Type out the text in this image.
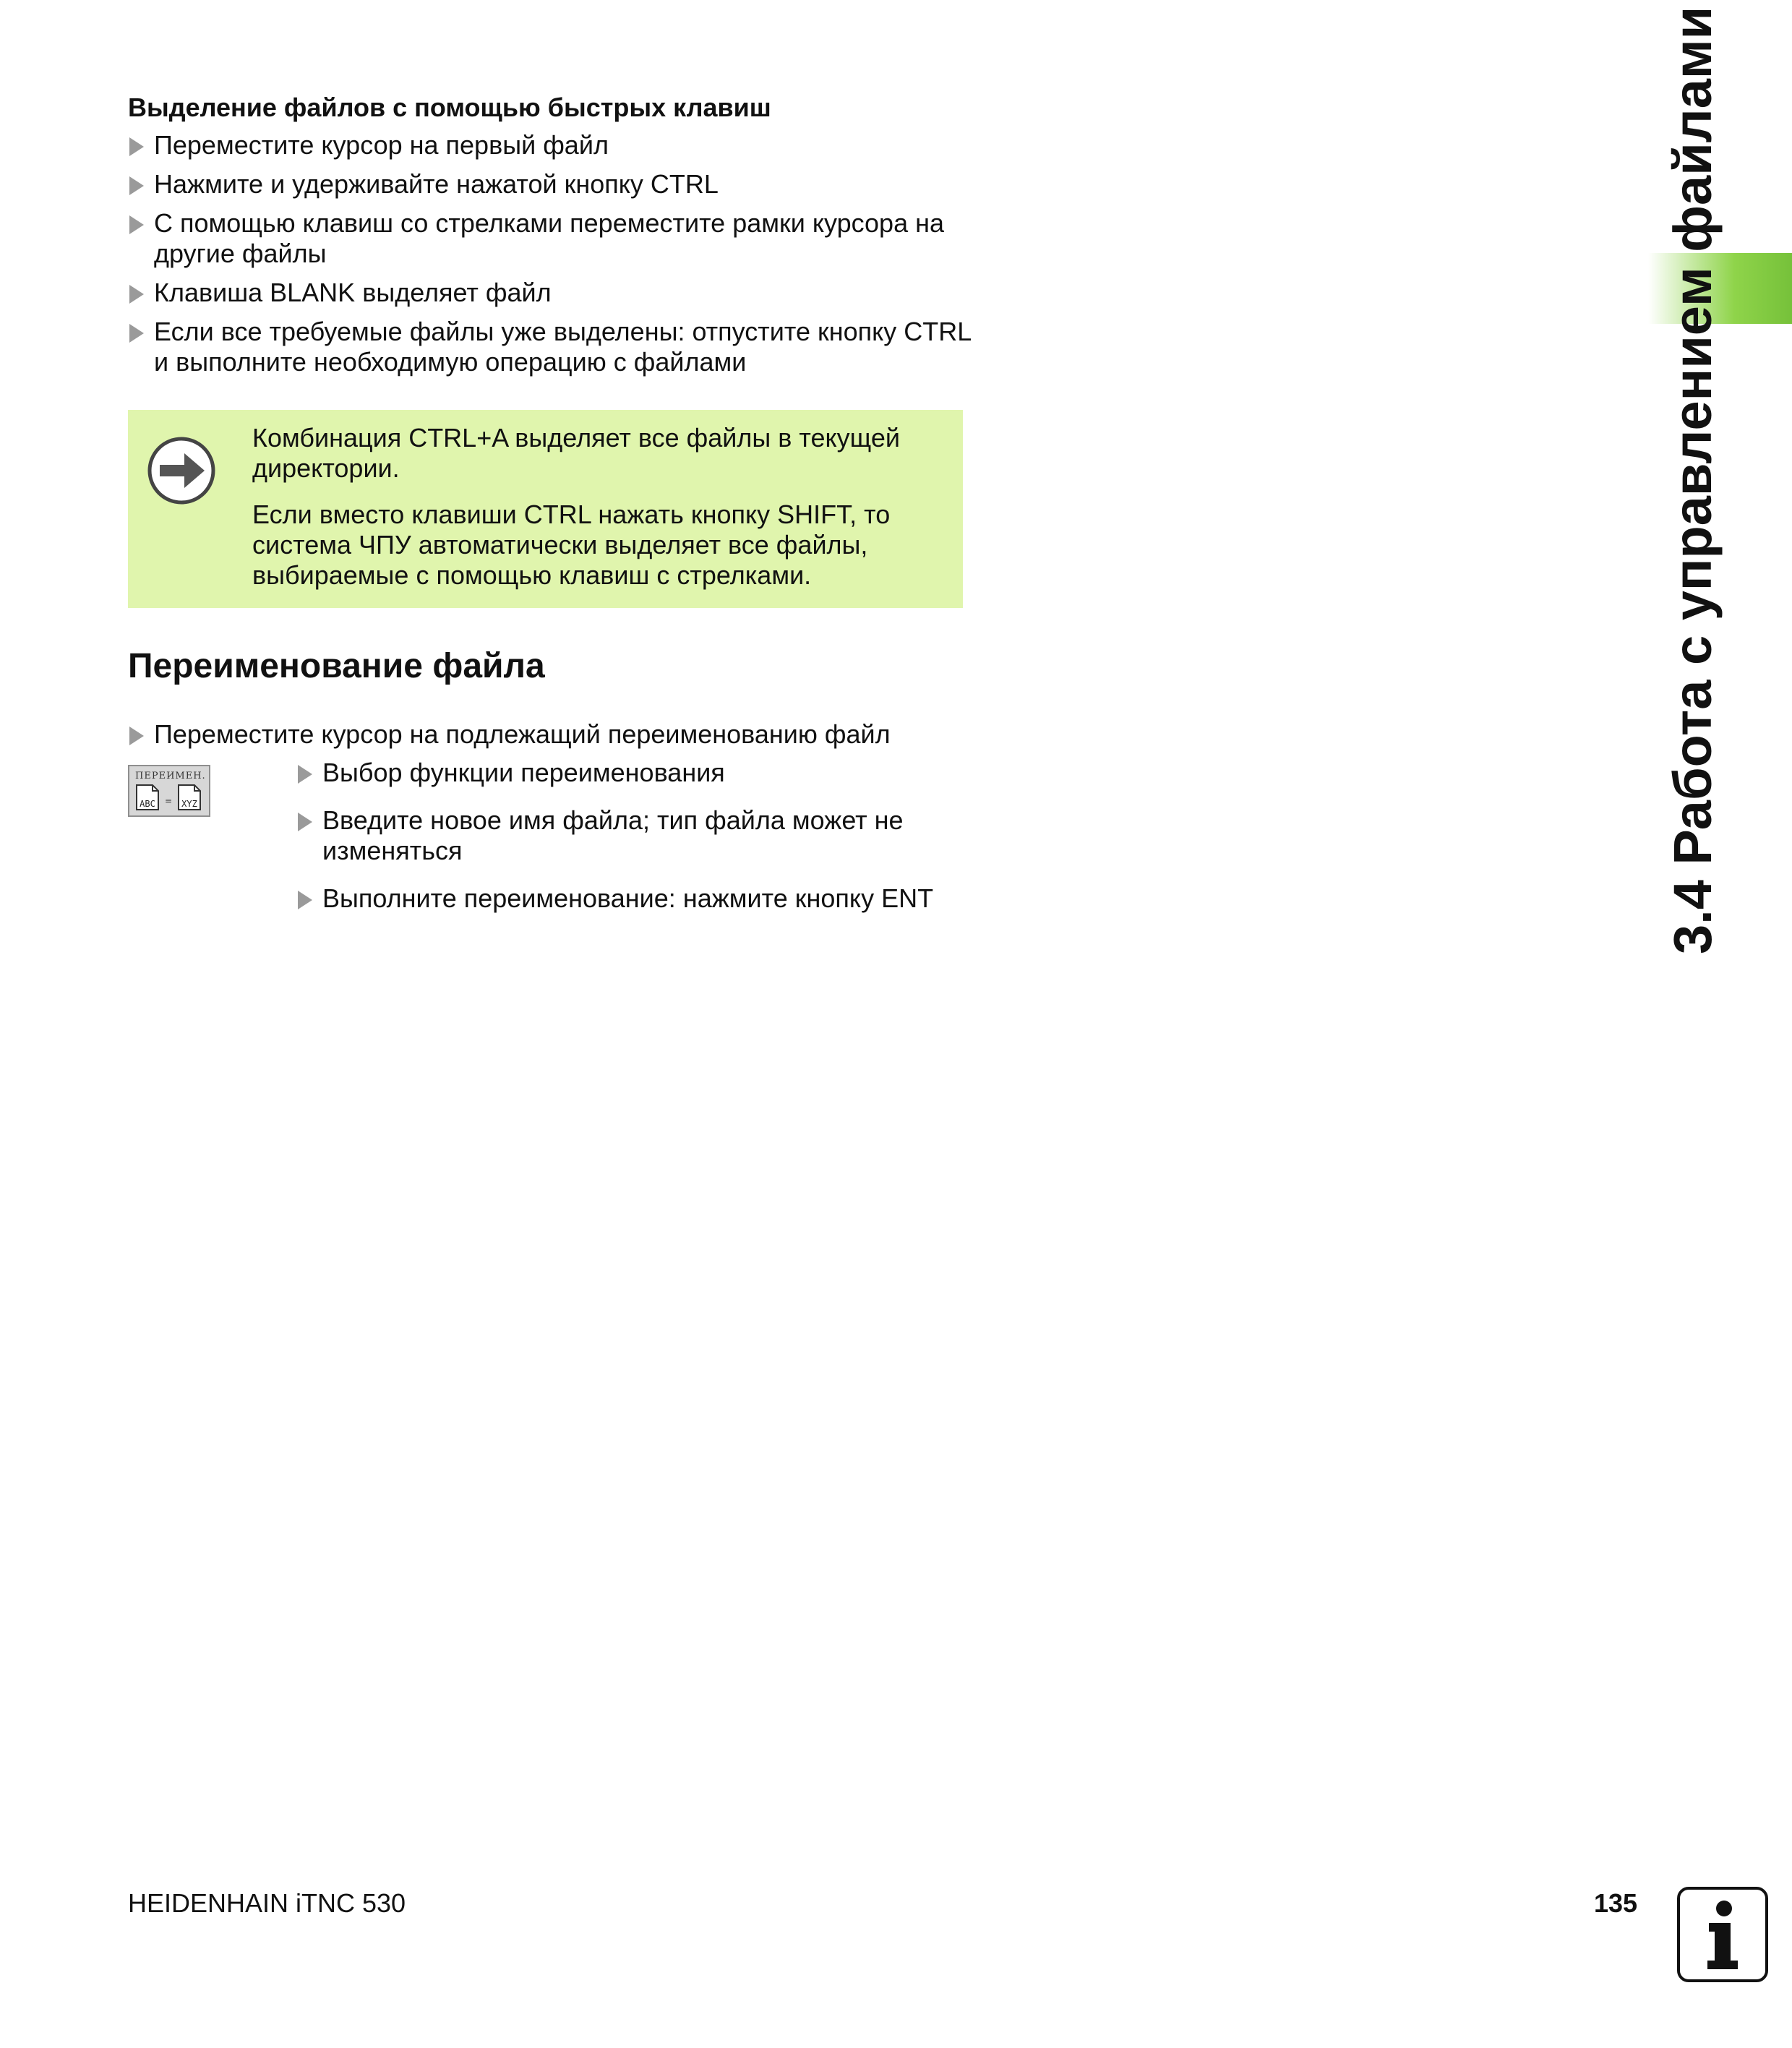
Выделение файлов с помощью быстрых клавиш
Переместите курсор на первый файл
Нажмите и удерживайте нажатой кнопку CTRL
С помощью клавиш со стрелками переместите рамки курсора на другие файлы
Клавиша BLANK выделяет файл
Если все требуемые файлы уже выделены: отпустите кнопку CTRL и выполните необходимую операцию с файлами

Комбинация CTRL+A выделяет все файлы в текущей директории.

Если вместо клавиши CTRL нажать кнопку SHIFT, то система ЧПУ автоматически выделяет все файлы, выбираемые с помощью клавиш с стрелками.

Переименование файла
Переместите курсор на подлежащий переименованию файл
ПЕРЕИМЕН.
ABC = XYZ
Выбор функции переименования
Введите новое имя файла; тип файла может не изменяться
Выполните переименование: нажмите кнопку ENT	3.4 Работа с управлением файлами
HEIDENHAIN iTNC 530	135
